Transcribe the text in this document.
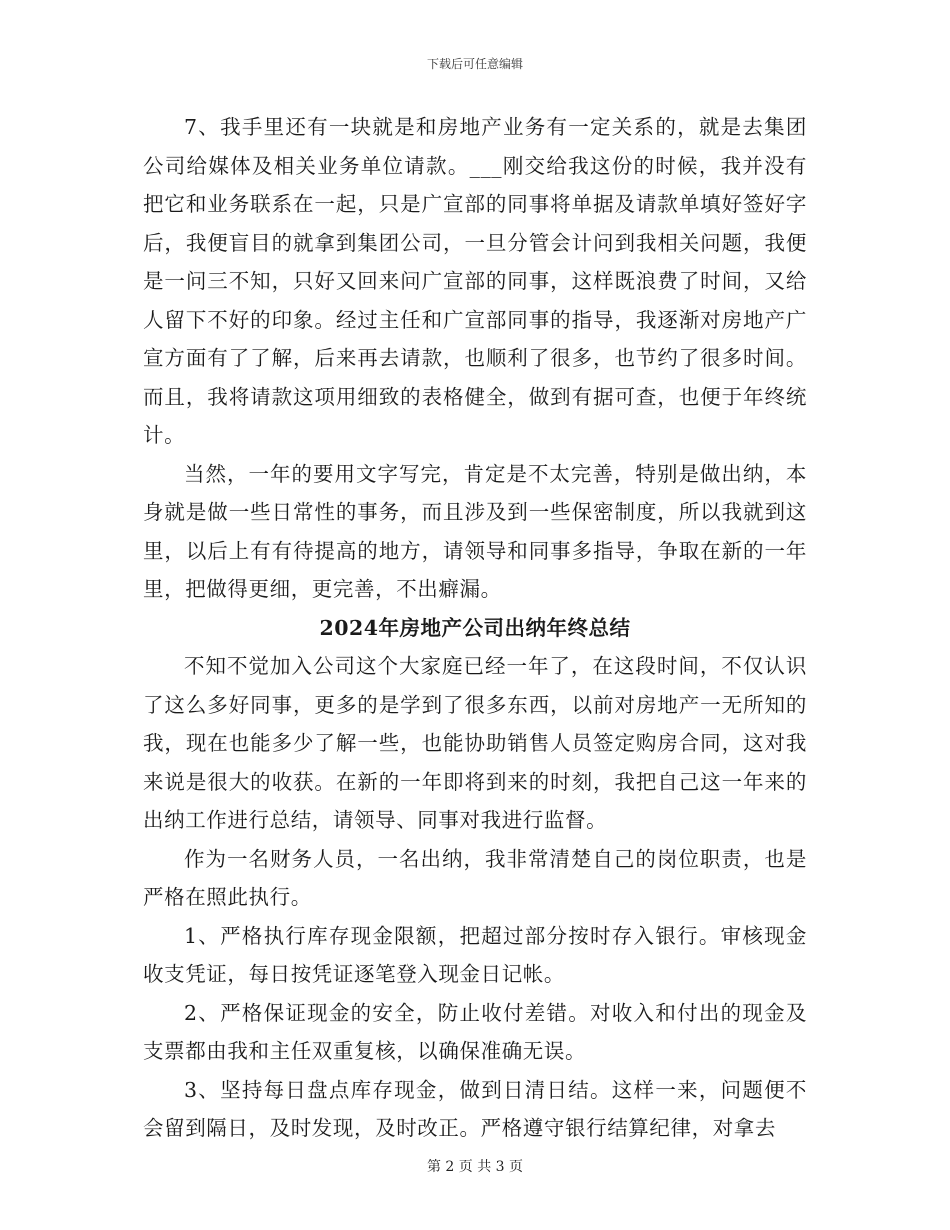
下载后可任意编辑

7、我手里还有一块就是和房地产业务有一定关系的，就是去集团公司给媒体及相关业务单位请款。___刚交给我这份的时候，我并没有把它和业务联系在一起，只是广宣部的同事将单据及请款单填好签好字后，我便盲目的就拿到集团公司，一旦分管会计问到我相关问题，我便是一问三不知，只好又回来问广宣部的同事，这样既浪费了时间，又给人留下不好的印象。经过主任和广宣部同事的指导，我逐渐对房地产广宣方面有了了解，后来再去请款，也顺利了很多，也节约了很多时间。而且，我将请款这项用细致的表格健全，做到有据可查，也便于年终统计。

当然，一年的要用文字写完，肯定是不太完善，特别是做出纳，本身就是做一些日常性的事务，而且涉及到一些保密制度，所以我就到这里，以后上有有待提高的地方，请领导和同事多指导，争取在新的一年里，把做得更细，更完善，不出癖漏。

2024年房地产公司出纳年终总结

不知不觉加入公司这个大家庭已经一年了，在这段时间，不仅认识了这么多好同事，更多的是学到了很多东西，以前对房地产一无所知的我，现在也能多少了解一些，也能协助销售人员签定购房合同，这对我来说是很大的收获。在新的一年即将到来的时刻，我把自己这一年来的出纳工作进行总结，请领导、同事对我进行监督。

作为一名财务人员，一名出纳，我非常清楚自己的岗位职责，也是严格在照此执行。

1、严格执行库存现金限额，把超过部分按时存入银行。审核现金收支凭证，每日按凭证逐笔登入现金日记帐。

2、严格保证现金的安全，防止收付差错。对收入和付出的现金及支票都由我和主任双重复核，以确保准确无误。

3、坚持每日盘点库存现金，做到日清日结。这样一来，问题便不会留到隔日，及时发现，及时改正。严格遵守银行结算纪律，对拿去

第 2 页 共 3 页
